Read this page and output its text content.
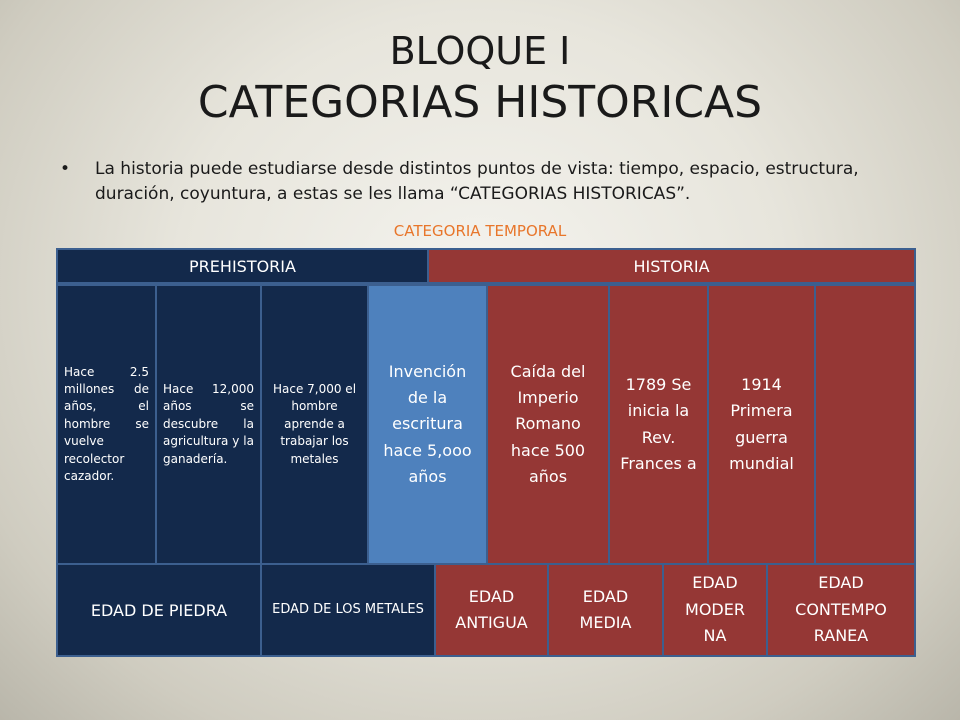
BLOQUE I
CATEGORIAS HISTORICAS
• La historia puede estudiarse desde distintos puntos de vista: tiempo, espacio, estructura, duración, coyuntura, a estas se les llama “CATEGORIAS HISTORICAS”.
CATEGORIA TEMPORAL
PREHISTORIA	HISTORIA
Hace 2.5 millones de años, el hombre se vuelve recolector cazador.
Hace 12,000 años se descubre la agricultura y la ganadería.
Hace 7,000 el hombre aprende a trabajar los metales
Invención de la escritura hace 5,ooo años
Caída del Imperio Romano hace 500 años
1789 Se inicia la Rev. Frances a
1914 Primera guerra mundial
EDAD DE PIEDRA	EDAD DE LOS METALES
EDAD ANTIGUA
EDAD MEDIA
EDAD MODER NA
EDAD CONTEMPO RANEA
